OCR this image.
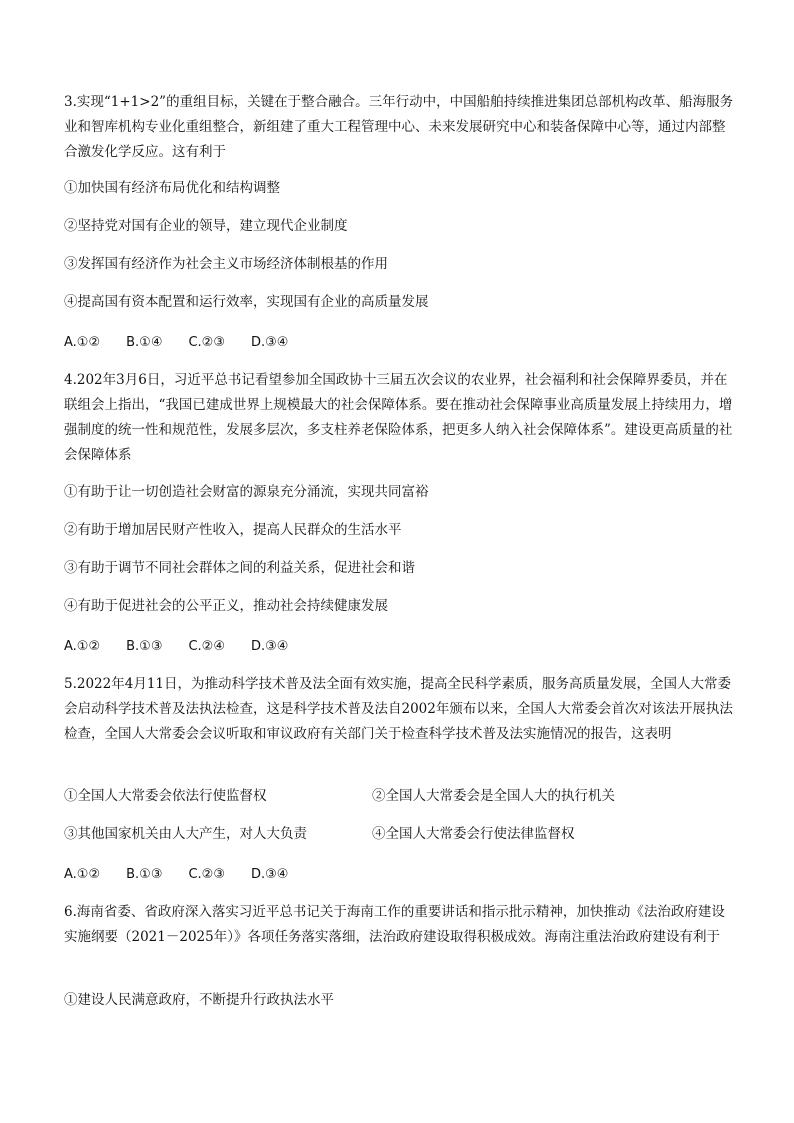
3.实现“1+1>2”的重组目标，关键在于整合融合。三年行动中，中国船舶持续推进集团总部机构改革、船海服务业和智库机构专业化重组整合，新组建了重大工程管理中心、未来发展研究中心和装备保障中心等，通过内部整合激发化学反应。这有利于

①加快国有经济布局优化和结构调整
②坚持党对国有企业的领导，建立现代企业制度
③发挥国有经济作为社会主义市场经济体制根基的作用
④提高国有资本配置和运行效率，实现国有企业的高质量发展
A.①② B.①④ C.②③ D.③④

4.202年3月6日，习近平总书记看望参加全国政协十三届五次会议的农业界，社会福利和社会保障界委员，并在联组会上指出，“我国已建成世界上规模最大的社会保障体系。要在推动社会保障事业高质量发展上持续用力，增强制度的统一性和规范性，发展多层次，多支柱养老保险体系，把更多人纳入社会保障体系”。建设更高质量的社会保障体系

①有助于让一切创造社会财富的源泉充分涌流，实现共同富裕
②有助于增加居民财产性收入，提高人民群众的生活水平
③有助于调节不同社会群体之间的利益关系，促进社会和谐
④有助于促进社会的公平正义，推动社会持续健康发展
A.①② B.①③ C.②④ D.③④

5.2022年4月11日，为推动科学技术普及法全面有效实施，提高全民科学素质，服务高质量发展，全国人大常委会启动科学技术普及法执法检查，这是科学技术普及法自2002年颁布以来，全国人大常委会首次对该法开展执法检查，全国人大常委会会议听取和审议政府有关部门关于检查科学技术普及法实施情况的报告，这表明

①全国人大常委会依法行使监督权	②全国人大常委会是全国人大的执行机关
③其他国家机关由人大产生，对人大负责	④全国人大常委会行使法律监督权
A.①② B.①③ C.②③ D.③④

6.海南省委、省政府深入落实习近平总书记关于海南工作的重要讲话和指示批示精神，加快推动《法治政府建设实施纲要（2021－2025年）》各项任务落实落细，法治政府建设取得积极成效。海南注重法治政府建设有利于

①建设人民满意政府，不断提升行政执法水平
